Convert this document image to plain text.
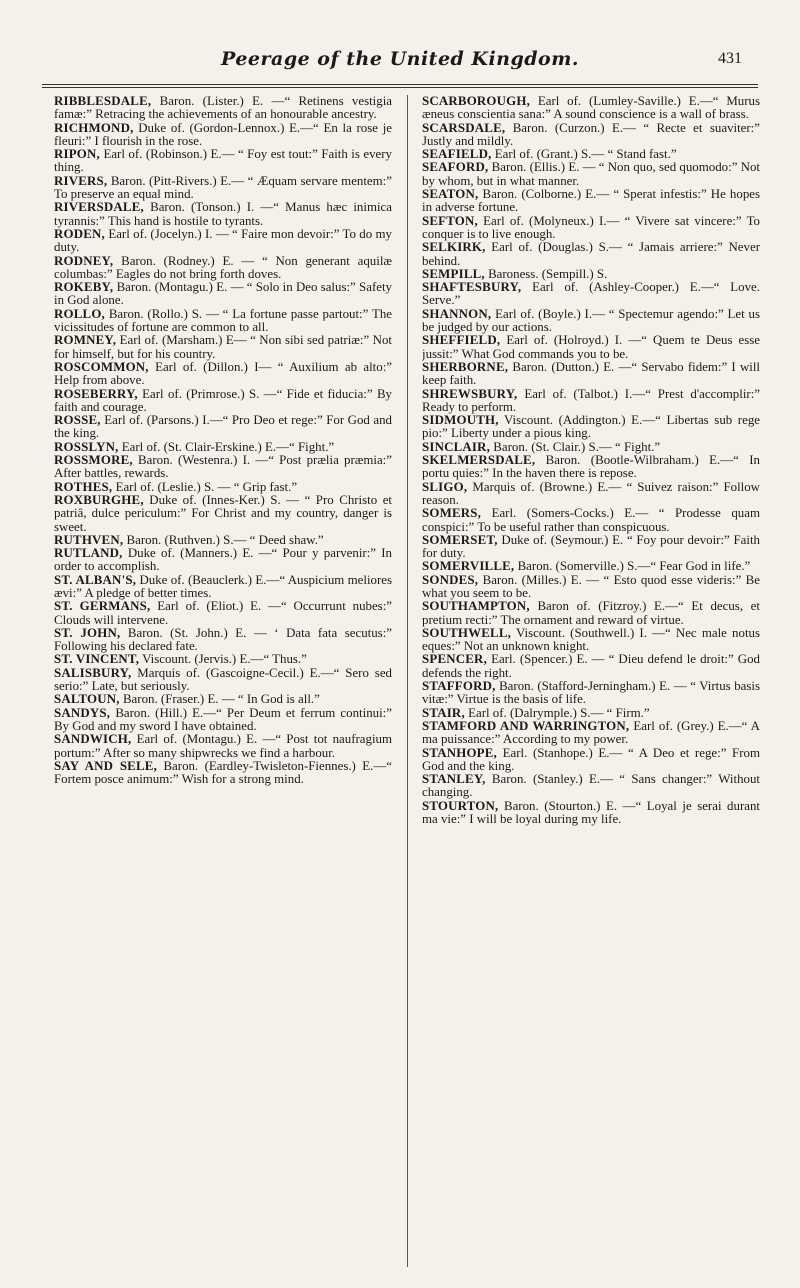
Peerage of the United Kingdom.	431

RIBBLESDALE, Baron. (Lister.) E. —“ Retinens vestigia famæ:” Retracing the achievements of an honourable ancestry.

RICHMOND, Duke of. (Gordon-Lennox.) E.—“ En la rose je fleuri:” I flourish in the rose.

RIPON, Earl of. (Robinson.) E.— “ Foy est tout:” Faith is every thing.

RIVERS, Baron. (Pitt-Rivers.) E.— “ Æquam servare mentem:” To preserve an equal mind.

RIVERSDALE, Baron. (Tonson.) I. —“ Manus hæc inimica tyrannis:” This hand is hostile to tyrants.

RODEN, Earl of. (Jocelyn.) I. — “ Faire mon devoir:” To do my duty.

RODNEY, Baron. (Rodney.) E. — “ Non generant aquilæ columbas:” Eagles do not bring forth doves.

ROKEBY, Baron. (Montagu.) E. — “ Solo in Deo salus:” Safety in God alone.

ROLLO, Baron. (Rollo.) S. — “ La fortune passe partout:” The vicissitudes of fortune are common to all.

ROMNEY, Earl of. (Marsham.) E— “ Non sibi sed patriæ:” Not for himself, but for his country.

ROSCOMMON, Earl of. (Dillon.) I— “ Auxilium ab alto:” Help from above.

ROSEBERRY, Earl of. (Primrose.) S. —“ Fide et fiducia:” By faith and courage.

ROSSE, Earl of. (Parsons.) I.—“ Pro Deo et rege:” For God and the king.

ROSSLYN, Earl of. (St. Clair-Erskine.) E.—“ Fight.”

ROSSMORE, Baron. (Westenra.) I. —“ Post prælia præmia:” After battles, rewards.

ROTHES, Earl of. (Leslie.) S. — “ Grip fast.”

ROXBURGHE, Duke of. (Innes-Ker.) S. — “ Pro Christo et patriâ, dulce periculum:” For Christ and my country, danger is sweet.

RUTHVEN, Baron. (Ruthven.) S.— “ Deed shaw.”

RUTLAND, Duke of. (Manners.) E. —“ Pour y parvenir:” In order to accomplish.

ST. ALBAN'S, Duke of. (Beauclerk.) E.—“ Auspicium meliores ævi:” A pledge of better times.

ST. GERMANS, Earl of. (Eliot.) E. —“ Occurrunt nubes:” Clouds will intervene.

ST. JOHN, Baron. (St. John.) E. — ‘ Data fata secutus:” Following his declared fate.

ST. VINCENT, Viscount. (Jervis.) E.—“ Thus.”

SALISBURY, Marquis of. (Gascoigne-Cecil.) E.—“ Sero sed serio:” Late, but seriously.

SALTOUN, Baron. (Fraser.) E. — “ In God is all.”

SANDYS, Baron. (Hill.) E.—“ Per Deum et ferrum continui:” By God and my sword I have obtained.

SANDWICH, Earl of. (Montagu.) E. —“ Post tot naufragium portum:” After so many shipwrecks we find a harbour.

SAY AND SELE, Baron. (Eardley-Twisleton-Fiennes.) E.—“ Fortem posce animum:” Wish for a strong mind.

SCARBOROUGH, Earl of. (Lumley-Saville.) E.—“ Murus æneus conscientia sana:” A sound conscience is a wall of brass.

SCARSDALE, Baron. (Curzon.) E.— “ Recte et suaviter:” Justly and mildly.

SEAFIELD, Earl of. (Grant.) S.— “ Stand fast.”

SEAFORD, Baron. (Ellis.) E. — “ Non quo, sed quomodo:” Not by whom, but in what manner.

SEATON, Baron. (Colborne.) E.— “ Sperat infestis:” He hopes in adverse fortune.

SEFTON, Earl of. (Molyneux.) I.— “ Vivere sat vincere:” To conquer is to live enough.

SELKIRK, Earl of. (Douglas.) S.— “ Jamais arriere:” Never behind.

SEMPILL, Baroness. (Sempill.) S.

SHAFTESBURY, Earl of. (Ashley-Cooper.) E.—“ Love. Serve.”

SHANNON, Earl of. (Boyle.) I.— “ Spectemur agendo:” Let us be judged by our actions.

SHEFFIELD, Earl of. (Holroyd.) I. —“ Quem te Deus esse jussit:” What God commands you to be.

SHERBORNE, Baron. (Dutton.) E. —“ Servabo fidem:” I will keep faith.

SHREWSBURY, Earl of. (Talbot.) I.—“ Prest d'accomplir:” Ready to perform.

SIDMOUTH, Viscount. (Addington.) E.—“ Libertas sub rege pio:” Liberty under a pious king.

SINCLAIR, Baron. (St. Clair.) S.— “ Fight.”

SKELMERSDALE, Baron. (Bootle-Wilbraham.) E.—“ In portu quies:” In the haven there is repose.

SLIGO, Marquis of. (Browne.) E.— “ Suivez raison:” Follow reason.

SOMERS, Earl. (Somers-Cocks.) E.— “ Prodesse quam conspici:” To be useful rather than conspicuous.

SOMERSET, Duke of. (Seymour.) E. “ Foy pour devoir:” Faith for duty.

SOMERVILLE, Baron. (Somerville.) S.—“ Fear God in life.”

SONDES, Baron. (Milles.) E. — “ Esto quod esse videris:” Be what you seem to be.

SOUTHAMPTON, Baron of. (Fitzroy.) E.—“ Et decus, et pretium recti:” The ornament and reward of virtue.

SOUTHWELL, Viscount. (Southwell.) I. —“ Nec male notus eques:” Not an unknown knight.

SPENCER, Earl. (Spencer.) E. — “ Dieu defend le droit:” God defends the right.

STAFFORD, Baron. (Stafford-Jerningham.) E. — “ Virtus basis vitæ:” Virtue is the basis of life.

STAIR, Earl of. (Dalrymple.) S.— “ Firm.”

STAMFORD AND WARRINGTON, Earl of. (Grey.) E.—“ A ma puissance:” According to my power.

STANHOPE, Earl. (Stanhope.) E.— “ A Deo et rege:” From God and the king.

STANLEY, Baron. (Stanley.) E.— “ Sans changer:” Without changing.

STOURTON, Baron. (Stourton.) E. —“ Loyal je serai durant ma vie:” I will be loyal during my life.
